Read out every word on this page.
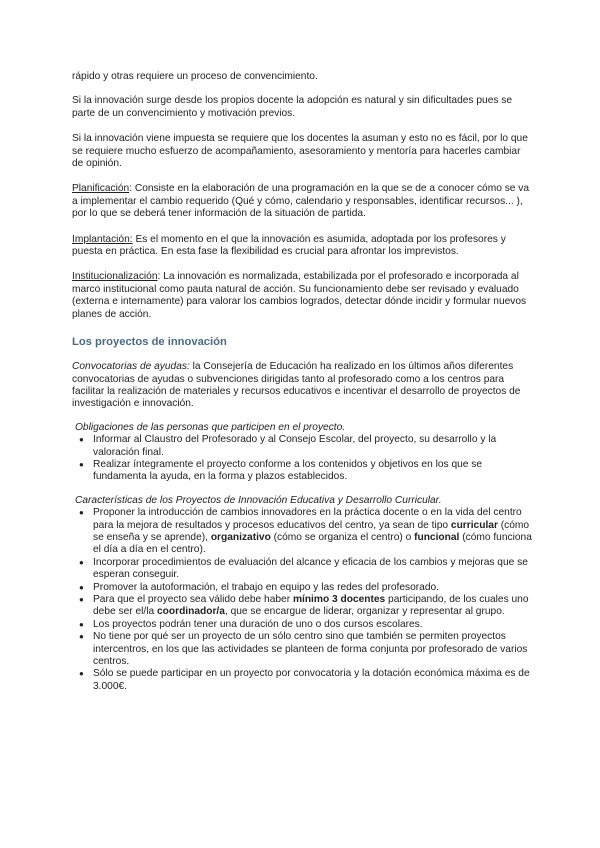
rápido y otras requiere un proceso de convencimiento.

Si la innovación surge desde los propios docente la adopción es natural y sin dificultades pues se parte de un convencimiento y motivación previos.

Si la innovación viene impuesta se requiere que los docentes la asuman y esto no es fácil, por lo que se requiere mucho esfuerzo de acompañamiento, asesoramiento y mentoría para hacerles cambiar de opinión.

Planificación: Consiste en la elaboración de una programación en la que se de a conocer cómo se va a implementar el cambio requerido (Qué y cómo, calendario y responsables, identificar recursos... ), por lo que se deberá tener información de la situación de partida.

Implantación: Es el momento en el que la innovación es asumida, adoptada por los profesores y puesta en práctica. En esta fase la flexibilidad es crucial para afrontar los imprevistos.

Institucionalización: La innovación es normalizada, estabilizada por el profesorado e incorporada al marco institucional como pauta natural de acción. Su funcionamiento debe ser revisado y evaluado (externa e internamente) para valorar los cambios logrados, detectar dónde incidir y formular nuevos planes de acción.

Los proyectos de innovación

Convocatorias de ayudas: la Consejería de Educación ha realizado en los últimos años diferentes convocatorias de ayudas o subvenciones dirigidas tanto al profesorado como a los centros para facilitar la realización de materiales y recursos educativos e incentivar el desarrollo de proyectos de investigación e innovación.

Obligaciones de las personas que participen en el proyecto.

● Informar al Claustro del Profesorado y al Consejo Escolar, del proyecto, su desarrollo y la valoración final.
● Realizar íntegramente el proyecto conforme a los contenidos y objetivos en los que se fundamenta la ayuda, en la forma y plazos establecidos.

Características de los Proyectos de Innovación Educativa y Desarrollo Curricular.

● Proponer la introducción de cambios innovadores en la práctica docente o en la vida del centro para la mejora de resultados y procesos educativos del centro, ya sean de tipo curricular (cómo se enseña y se aprende), organizativo (cómo se organiza el centro) o funcional (cómo funciona el día a día en el centro).
● Incorporar procedimientos de evaluación del alcance y eficacia de los cambios y mejoras que se esperan conseguir.
● Promover la autoformación, el trabajo en equipo y las redes del profesorado.
● Para que el proyecto sea válido debe haber mínimo 3 docentes participando, de los cuales uno debe ser el/la coordinador/a, que se encargue de liderar, organizar y representar al grupo.
● Los proyectos podrán tener una duración de uno o dos cursos escolares.
● No tiene por qué ser un proyecto de un sólo centro sino que también se permiten proyectos intercentros, en los que las actividades se planteen de forma conjunta por profesorado de varios centros.
● Sólo se puede participar en un proyecto por convocatoria y la dotación económica máxima es de 3.000€.
